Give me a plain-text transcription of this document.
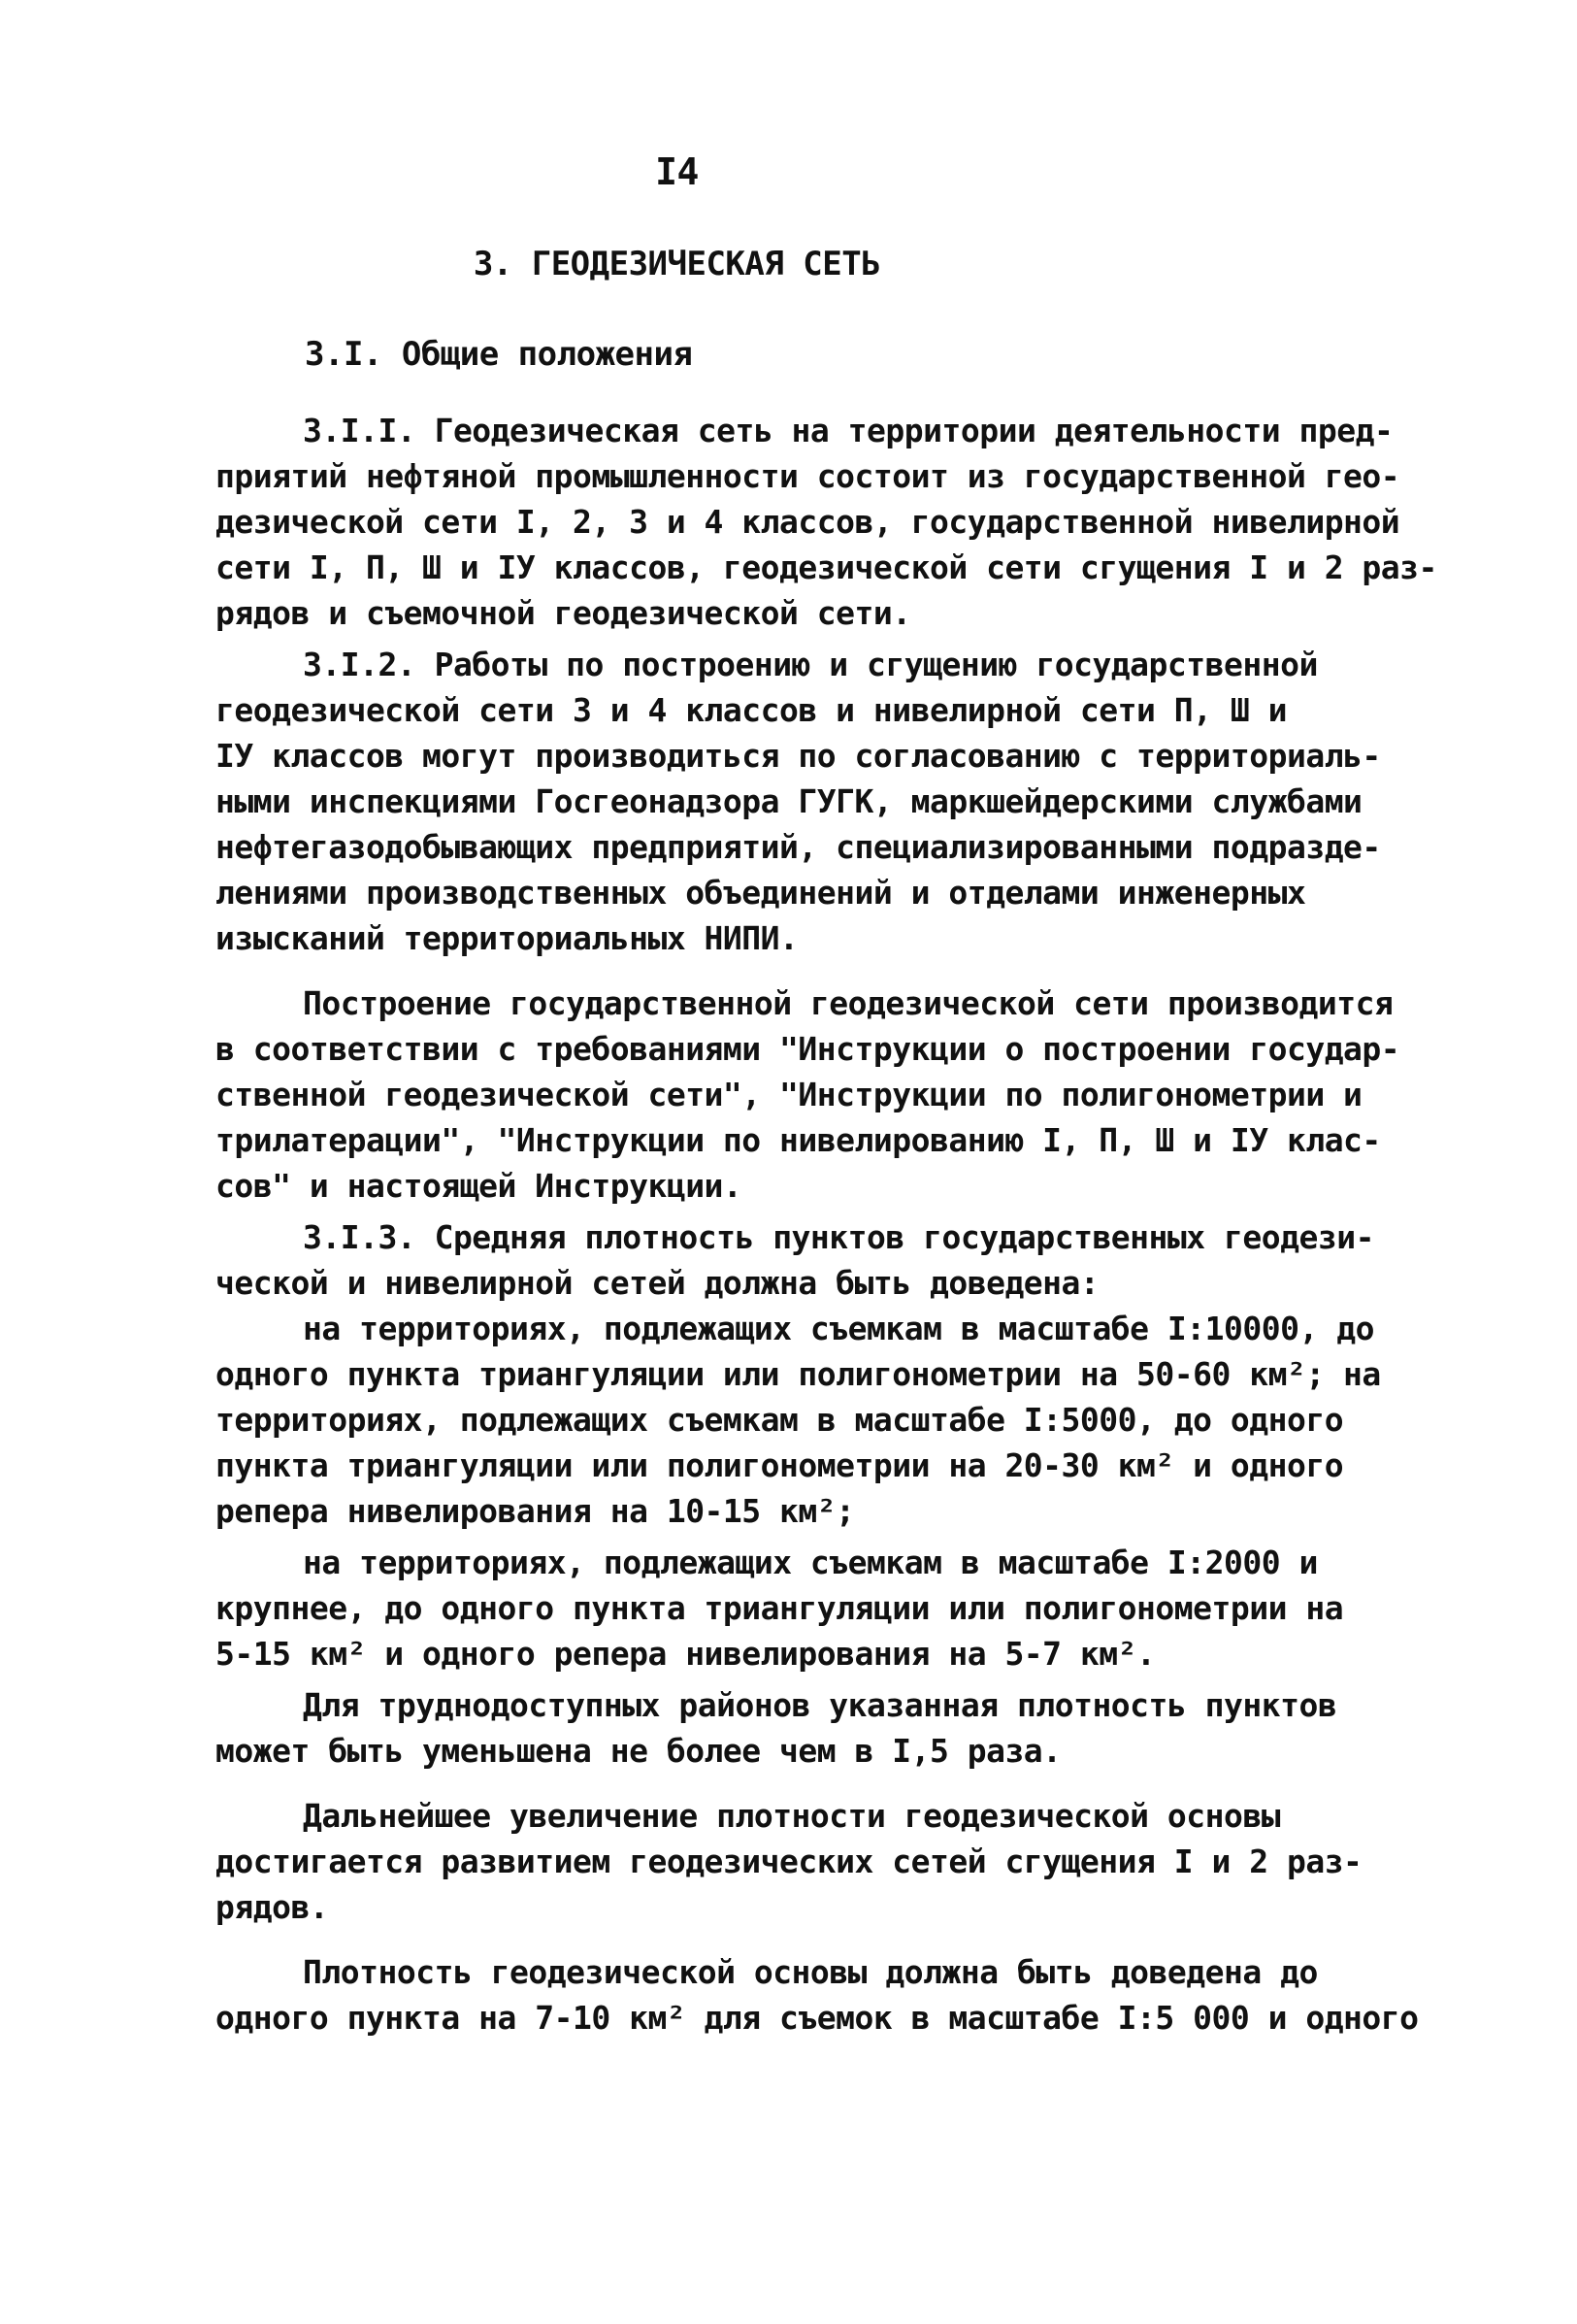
I4
3. ГЕОДЕЗИЧЕСКАЯ СЕТЬ
3.I. Общие положения
3.I.I. Геодезическая сеть на территории деятельности пред-
приятий нефтяной промышленности состоит из государственной гео-
дезической сети I, 2, 3 и 4 классов, государственной нивелирной
сети I, П, Ш и IУ классов, геодезической сети сгущения I и 2 раз-
рядов и съемочной геодезической сети.
3.I.2. Работы по построению и сгущению государственной
геодезической сети 3 и 4 классов и нивелирной сети П, Ш и
IУ классов могут производиться по согласованию с территориаль-
ными инспекциями Госгеонадзора ГУГК, маркшейдерскими службами
нефтегазодобывающих предприятий, специализированными подразде-
лениями производственных объединений и отделами инженерных
изысканий территориальных НИПИ.
Построение государственной геодезической сети производится
в соответствии с требованиями "Инструкции о построении государ-
ственной геодезической сети", "Инструкции по полигонометрии и
трилатерации", "Инструкции по нивелированию I, П, Ш и IУ клас-
сов" и настоящей Инструкции.
3.I.3. Средняя плотность пунктов государственных геодези-
ческой и нивелирной сетей должна быть доведена:
на территориях, подлежащих съемкам в масштабе I:10000, до
одного пункта триангуляции или полигонометрии на 50-60 км²; на
территориях, подлежащих съемкам в масштабе I:5000, до одного
пункта триангуляции или полигонометрии на 20-30 км² и одного
репера нивелирования на 10-15 км²;
на территориях, подлежащих съемкам в масштабе I:2000 и
крупнее, до одного пункта триангуляции или полигонометрии на
5-15 км² и одного репера нивелирования на 5-7 км².
Для труднодоступных районов указанная плотность пунктов
может быть уменьшена не более чем в I,5 раза.
Дальнейшее увеличение плотности геодезической основы
достигается развитием геодезических сетей сгущения I и 2 раз-
рядов.
Плотность геодезической основы должна быть доведена до
одного пункта на 7-10 км² для съемок в масштабе I:5 000 и одного
